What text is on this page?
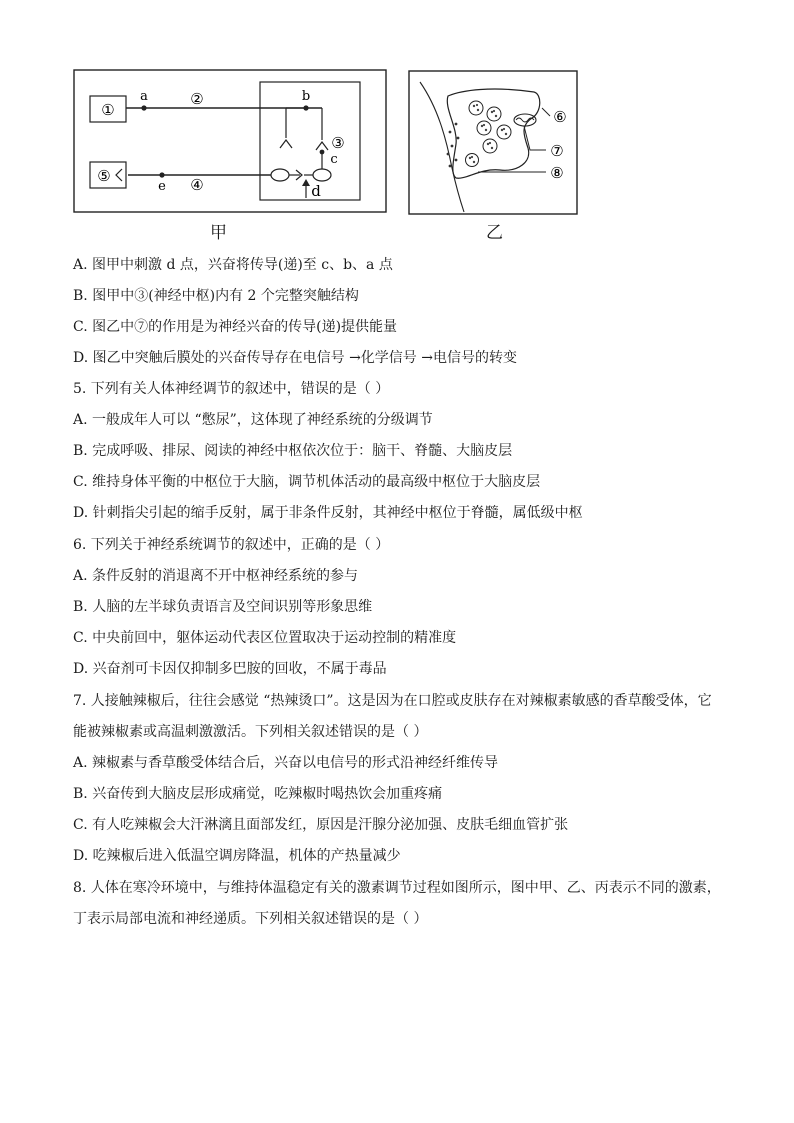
①
a	②	b
③
c
d
e ④
⑤
⑥
⑦
⑧
甲	乙
A. 图甲中刺激 d 点，兴奋将传导(递)至 c、b、a 点
B. 图甲中③(神经中枢)内有 2 个完整突触结构
C. 图乙中⑦的作用是为神经兴奋的传导(递)提供能量
D. 图乙中突触后膜处的兴奋传导存在电信号 →化学信号 →电信号的转变
5. 下列有关人体神经调节的叙述中，错误的是（ ）
A. 一般成年人可以 “憋尿”，这体现了神经系统的分级调节
B. 完成呼吸、排尿、阅读的神经中枢依次位于：脑干、脊髓、大脑皮层
C. 维持身体平衡的中枢位于大脑，调节机体活动的最高级中枢位于大脑皮层
D. 针刺指尖引起的缩手反射，属于非条件反射，其神经中枢位于脊髓，属低级中枢
6. 下列关于神经系统调节的叙述中，正确的是（ ）
A. 条件反射的消退离不开中枢神经系统的参与
B. 人脑的左半球负责语言及空间识别等形象思维
C. 中央前回中，躯体运动代表区位置取决于运动控制的精准度
D. 兴奋剂可卡因仅抑制多巴胺的回收，不属于毒品
7. 人接触辣椒后，往往会感觉 “热辣烫口”。这是因为在口腔或皮肤存在对辣椒素敏感的香草酸受体，它
能被辣椒素或高温刺激激活。下列相关叙述错误的是（ ）
A. 辣椒素与香草酸受体结合后，兴奋以电信号的形式沿神经纤维传导
B. 兴奋传到大脑皮层形成痛觉，吃辣椒时喝热饮会加重疼痛
C. 有人吃辣椒会大汗淋漓且面部发红，原因是汗腺分泌加强、皮肤毛细血管扩张
D. 吃辣椒后进入低温空调房降温，机体的产热量减少
8. 人体在寒冷环境中，与维持体温稳定有关的激素调节过程如图所示，图中甲、乙、丙表示不同的激素，
丁表示局部电流和神经递质。下列相关叙述错误的是（ ）
